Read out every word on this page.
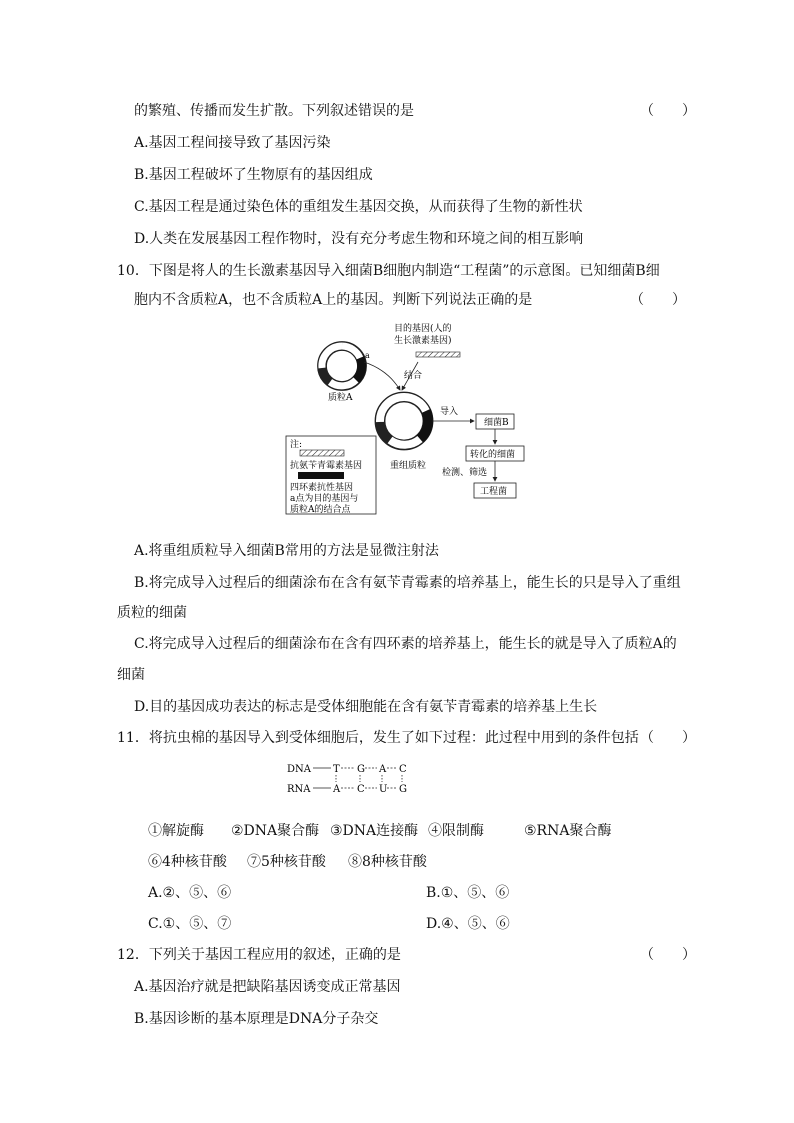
的繁殖、传播而发生扩散。下列叙述错误的是	（　　）
A.基因工程间接导致了基因污染
B.基因工程破坏了生物原有的基因组成
C.基因工程是通过染色体的重组发生基因交换，从而获得了生物的新性状
D.人类在发展基因工程作物时，没有充分考虑生物和环境之间的相互影响
10．下图是将人的生长激素基因导入细菌B细胞内制造“工程菌”的示意图。已知细菌B细
胞内不含质粒A，也不含质粒A上的基因。判断下列说法正确的是	（　　）
a
质粒A
目的基因(人的
生长激素基因)
结合
重组质粒
导入
细菌B
转化的细菌
检测、筛选
工程菌
注:
抗氨苄青霉素基因
四环素抗性基因
a点为目的基因与
质粒A的结合点
A.将重组质粒导入细菌B常用的方法是显微注射法
B.将完成导入过程后的细菌涂布在含有氨苄青霉素的培养基上，能生长的只是导入了重组
质粒的细菌
C.将完成导入过程后的细菌涂布在含有四环素的培养基上，能生长的就是导入了质粒A的
细菌
D.目的基因成功表达的标志是受体细胞能在含有氨苄青霉素的培养基上生长
11．将抗虫棉的基因导入到受体细胞后，发生了如下过程：此过程中用到的条件包括 （　　）
DNA
RNA
T G A C
A C U G
①解旋酶 ②DNA聚合酶 ③DNA连接酶 ④限制酶	⑤RNA聚合酶
⑥4种核苷酸 ⑦5种核苷酸 ⑧8种核苷酸
A.②、⑤、⑥	B.①、⑤、⑥
C.①、⑤、⑦	D.④、⑤、⑥
12．下列关于基因工程应用的叙述，正确的是	（　　）
A.基因治疗就是把缺陷基因诱变成正常基因
B.基因诊断的基本原理是DNA分子杂交
